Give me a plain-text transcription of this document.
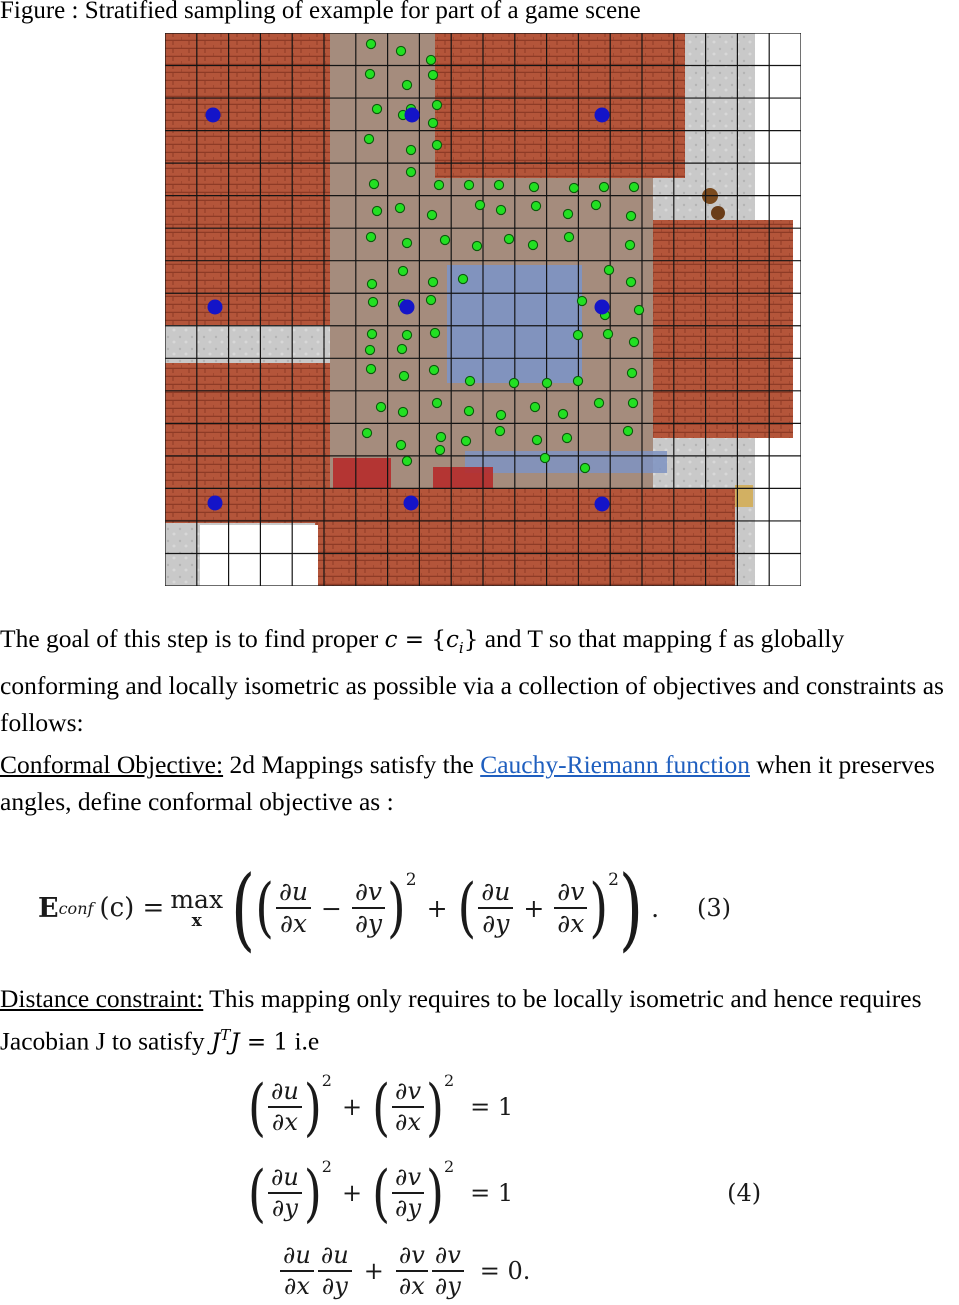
Figure : Stratified sampling of example for part of a game scene
The goal of this step is to find proper $c = \{c_i\}$ and T so that mapping f as globally conforming and locally isometric as possible via a collection of objectives and constraints as follows:
Conformal Objective: 2d Mappings satisfy the Cauchy-Riemann function when it preserves angles, define conformal objective as :
E conf (c) = max
x ( ( $\frac{\partial u}{\partial x} - \frac{\partial v}{\partial y}$ ) 2
+ ( $\frac{\partial u}{\partial y} + \frac{\partial v}{\partial x}$ ) 2 ) . (3)
Distance constraint: This mapping only requires to be locally isometric and hence requires Jacobian J to satisfy $J^TJ = 1$ i.e
( $\frac{\partial u}{\partial x}$ ) 2
+ ( $\frac{\partial v}{\partial x}$ ) 2
= 1
( $\frac{\partial u}{\partial y}$ ) 2
+ ( $\frac{\partial v}{\partial y}$ ) 2
= 1	(4)
$\frac{\partial u}{\partial x} \frac{\partial u}{\partial y} + \frac{\partial v}{\partial x} \frac{\partial v}{\partial y} = 0$.
